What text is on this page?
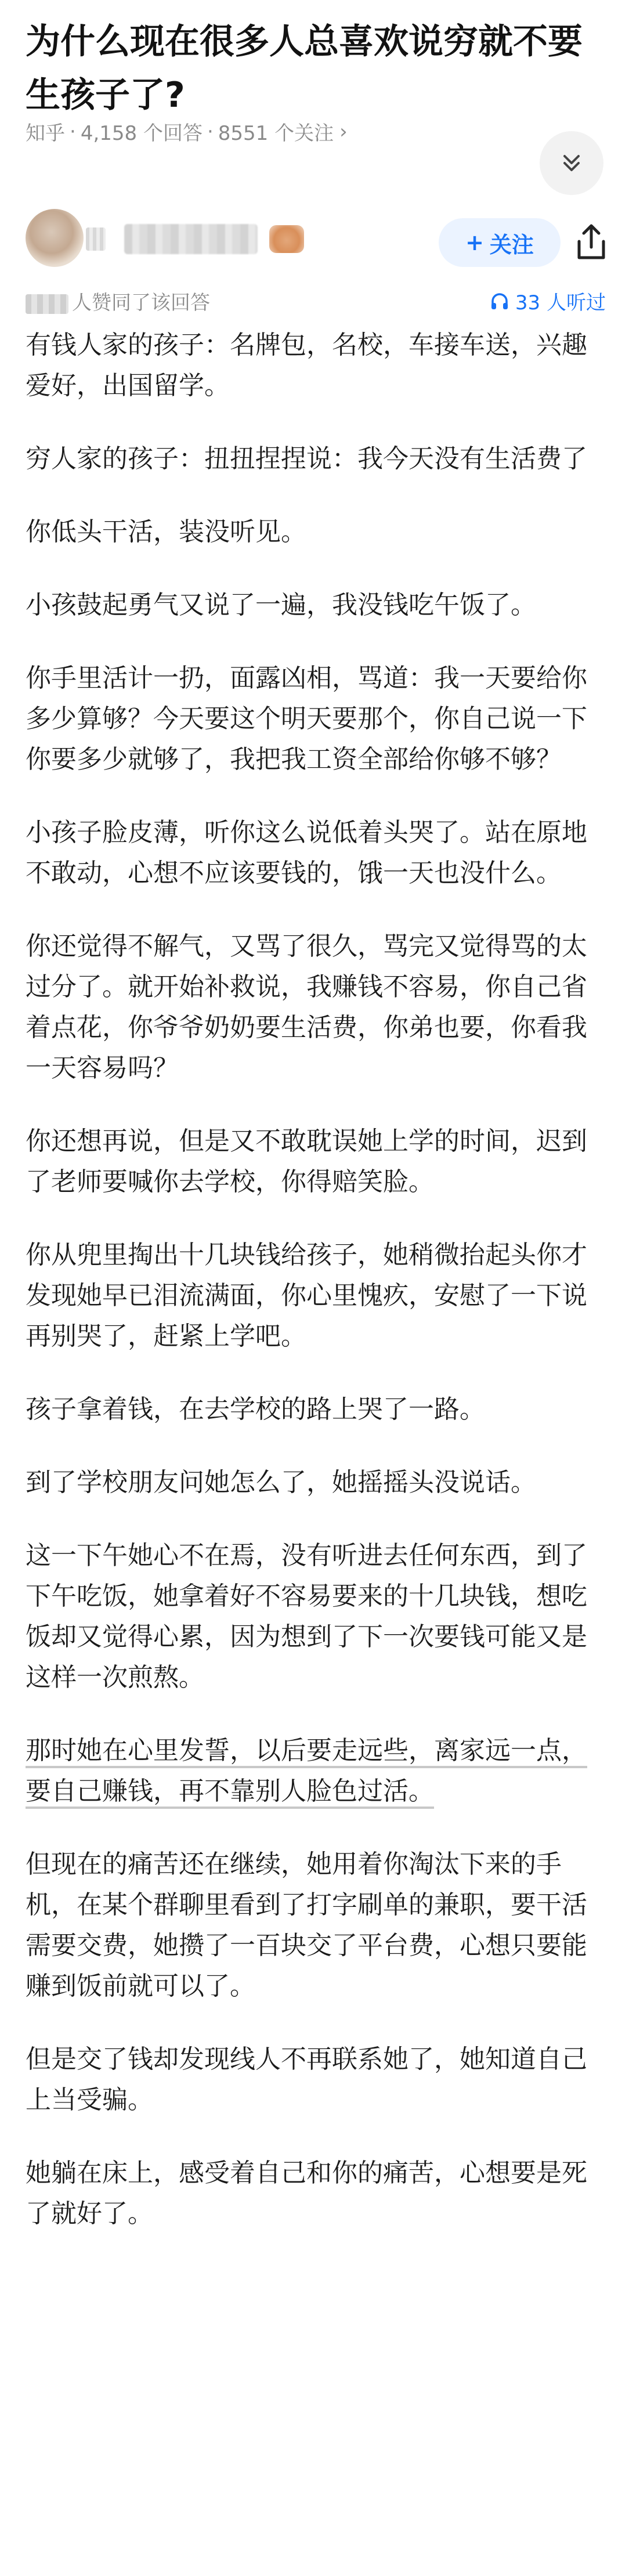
为什么现在很多人总喜欢说穷就不要生孩子了?
知乎 · 4,158 个回答 · 8551 个关注 ›
+ 关注
人赞同了该回答	33 人听过

有钱人家的孩子：名牌包，名校，车接车送，兴趣爱好，出国留学。

穷人家的孩子：扭扭捏捏说：我今天没有生活费了

你低头干活，装没听见。

小孩鼓起勇气又说了一遍，我没钱吃午饭了。

你手里活计一扔，面露凶相，骂道：我一天要给你多少算够？今天要这个明天要那个，你自己说一下你要多少就够了，我把我工资全部给你够不够？

小孩子脸皮薄，听你这么说低着头哭了。站在原地不敢动，心想不应该要钱的，饿一天也没什么。

你还觉得不解气，又骂了很久，骂完又觉得骂的太过分了。就开始补救说，我赚钱不容易，你自己省着点花，你爷爷奶奶要生活费，你弟也要，你看我一天容易吗？

你还想再说，但是又不敢耽误她上学的时间，迟到了老师要喊你去学校，你得赔笑脸。

你从兜里掏出十几块钱给孩子，她稍微抬起头你才发现她早已泪流满面，你心里愧疚，安慰了一下说再别哭了，赶紧上学吧。

孩子拿着钱，在去学校的路上哭了一路。

到了学校朋友问她怎么了，她摇摇头没说话。

这一下午她心不在焉，没有听进去任何东西，到了下午吃饭，她拿着好不容易要来的十几块钱，想吃饭却又觉得心累，因为想到了下一次要钱可能又是这样一次煎熬。

那时她在心里发誓，以后要走远些，离家远一点，要自己赚钱，再不靠别人脸色过活。

但现在的痛苦还在继续，她用着你淘汰下来的手机，在某个群聊里看到了打字刷单的兼职，要干活需要交费，她攒了一百块交了平台费，心想只要能赚到饭前就可以了。

但是交了钱却发现线人不再联系她了，她知道自己上当受骗。

她躺在床上，感受着自己和你的痛苦，心想要是死了就好了。
